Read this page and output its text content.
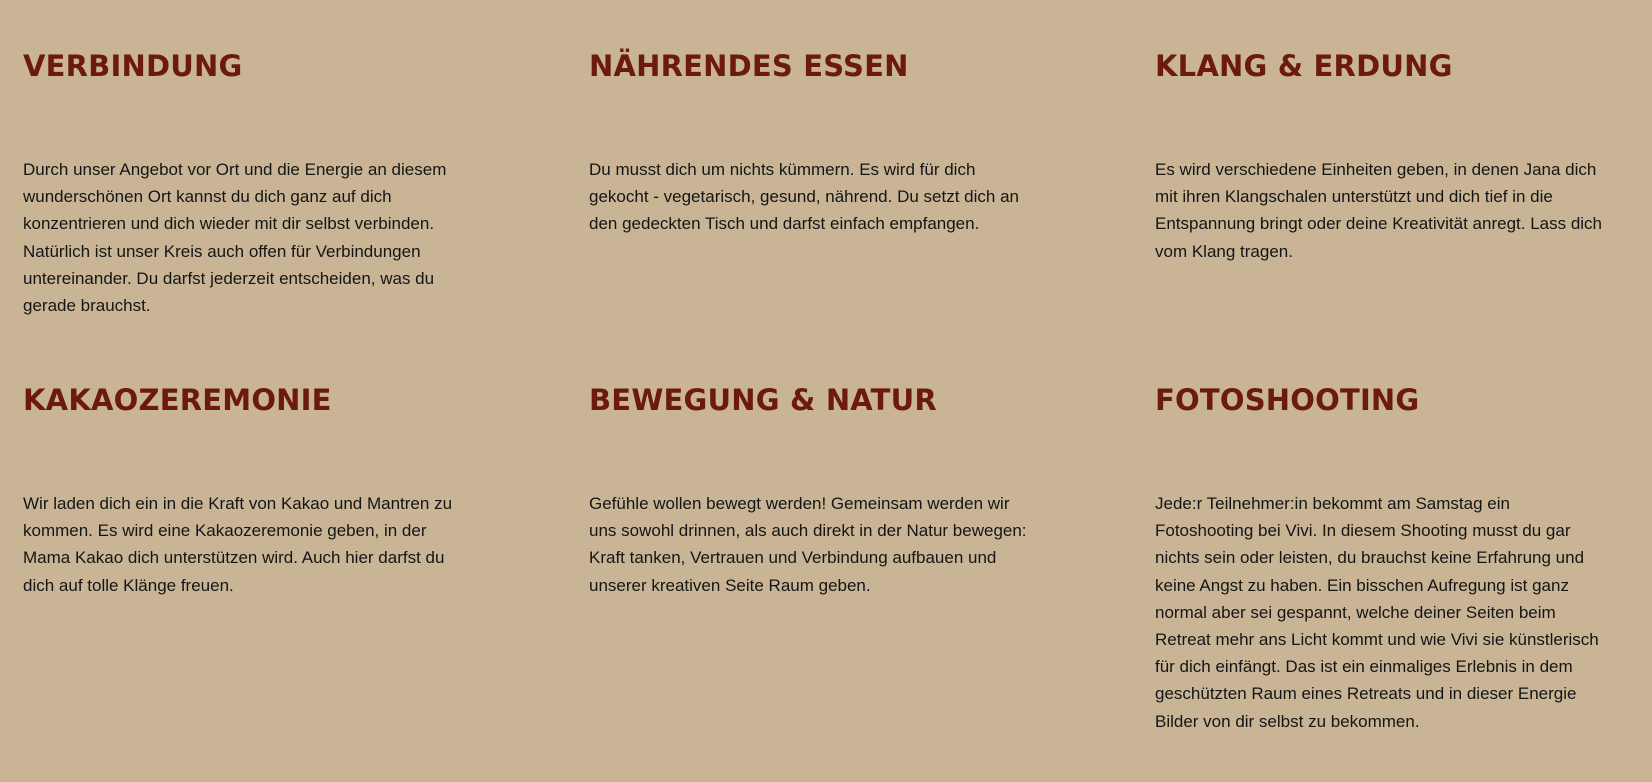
VERBINDUNG

Durch unser Angebot vor Ort und die Energie an diesem wunderschönen Ort kannst du dich ganz auf dich konzentrieren und dich wieder mit dir selbst verbinden. Natürlich ist unser Kreis auch offen für Verbindungen untereinander. Du darfst jederzeit entscheiden, was du gerade brauchst.

NÄHRENDES ESSEN

Du musst dich um nichts kümmern. Es wird für dich gekocht - vegetarisch, gesund, nährend. Du setzt dich an den gedeckten Tisch und darfst einfach empfangen.

KLANG & ERDUNG

Es wird verschiedene Einheiten geben, in denen Jana dich mit ihren Klangschalen unterstützt und dich tief in die Entspannung bringt oder deine Kreativität anregt. Lass dich vom Klang tragen.

KAKAOZEREMONIE

Wir laden dich ein in die Kraft von Kakao und Mantren zu kommen. Es wird eine Kakaozeremonie geben, in der Mama Kakao dich unterstützen wird. Auch hier darfst du dich auf tolle Klänge freuen.

BEWEGUNG & NATUR

Gefühle wollen bewegt werden! Gemeinsam werden wir uns sowohl drinnen, als auch direkt in der Natur bewegen: Kraft tanken, Vertrauen und Verbindung aufbauen und unserer kreativen Seite Raum geben.

FOTOSHOOTING

Jede:r Teilnehmer:in bekommt am Samstag ein Fotoshooting bei Vivi. In diesem Shooting musst du gar nichts sein oder leisten, du brauchst keine Erfahrung und keine Angst zu haben. Ein bisschen Aufregung ist ganz normal aber sei gespannt, welche deiner Seiten beim Retreat mehr ans Licht kommt und wie Vivi sie künstlerisch für dich einfängt. Das ist ein einmaliges Erlebnis in dem geschützten Raum eines Retreats und in dieser Energie Bilder von dir selbst zu bekommen.
